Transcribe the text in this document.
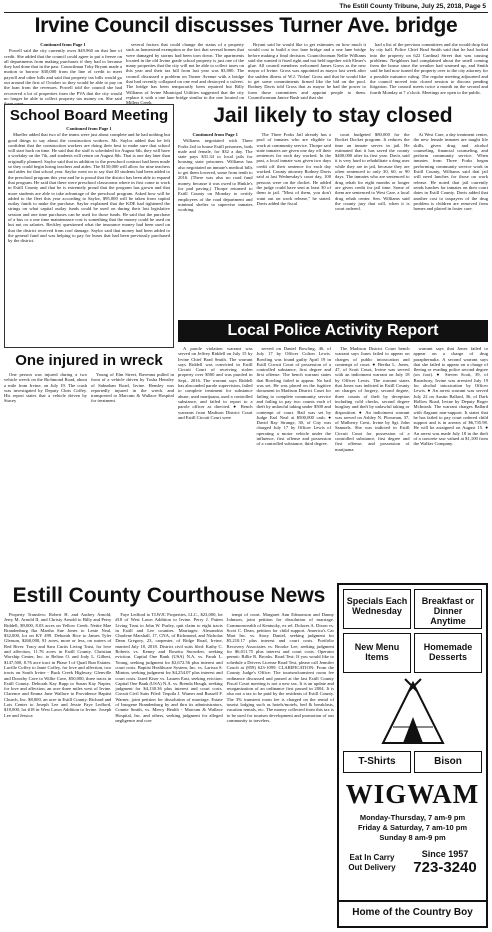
The Estill County Tribune, July 25, 2018, Page 5
Irvine Council discusses Turner Ave. bridge
Continued from Page 1

Powell said the city currently owes $49,960 on that line of credit. She added that the council could agree to put a freeze on all departments from making purchases if they had to because they had done that in the past. Councilman Toby Bryant made a motion to borrow $30,000 from the line of credit to meet payroll and other bills and said that property tax bills would go out around the first of October so they would be able to pay on the loan from the revenues. Powell told the council she had recovered a lot of properties from the PVA that the city would no longer be able to collect property tax money on. She said there were

several factors that could change the status of a property such as homestead exemption or the fact that several homes that were damaged by storms had been torn down. The apartments located in the old Irvine grade school property is just one of the many properties that the city will not be able to collect taxes on this year and their tax bill from last year was $3,000. The council discussed a problem on Turner Avenue with a bridge that had recently collapsed on one end and destroyed a culvert. The bridge has been temporarily been repaired but Billy Williams of Irvine Municipal Utilities suggested that the city replace it with a one lane bridge similar to the one located on Millers Creek.

Bryant said he would like to get estimates on how much it would cost to build a two lane bridge and a one lane bridge before making a final decision. Councilwoman Nellie Williams said she wanted it fixed right and not held together with Elmer's glue. All council members welcomed James Gross as the new mayor of Irvine. Gross was appointed as mayor last week after the sudden illness of W.J. 'Nolan' Gross and that he would like to get some commitments firmed like the bid on the pool. Rodney Davis told Gross that as mayor he had the power to form those committees and appoint people to them. Councilwoman Janice Bush said that she

had a list of the previous committees and she would drop that by city hall. Police Chief Brad Smith said that he had looked into the property on 622 Cardinal Street that was causing problems. Neighbors had complained about the smell coming from the house since the weather had warmed up, and Smith said he had now turned the property over to the city attorney for a possible nuisance ruling. The regular meeting adjourned and the council moved into closed session to discuss pending litigation. The council meets twice a month on the second and fourth Monday at 7 o'clock. Meetings are open to the public.

School Board Meeting
Continued from Page 1

Mueller added that two of the teams were just about complete and he had nothing but good things to say about the construction workers. Mr. Saylor added that he felt confident that the construction workers are doing their best to make sure that school will start back on time. He said that the staff is scheduled for August 6th, they will have a workday on the 7th, and students will return on August 8th. That is one day later than originally planned. Saylor said that in addition to the preschool contract had been made so they could begin hiring teachers and aides. The $150,000 will allow for nine teachers and aides for that school year. Saylor went on to say that 40 students had been added to the preschool program this year and he is proud that the district has been able to expand that program. He said that there were preschool classrooms where in first come to work in Estill County and that he is extremely proud that the program has grown and that more students are able to take advantage of the preschool program. Asked how will be added to the fleet this year according to Saylor, $95,000 will be taken from capital outlay funds to make the purchase. Saylor explained that the KDE had tightened the strings on what capital outlay funds could be used on during their last legislative session and one time purchases can be used for those funds. He said that the purchase of a bus or a one time maintenance cost is something that the money could be used on but not on salaries. Beckley questioned what the insurance money had been used on that the district received from roof damage. Saylor said that money had been added to the general fund and was helping to pay for buses that had been previously purchased by the district.

One injured in wreck

One person was injured during a two vehicle wreck on the Richmond Road, about a mile from Irvine, on July 19. The crash was investigated by Deputy Chris Coffey. His report states that a vehicle driven by Stacey

Young of Elm Street, Ravenna pulled in front of a vehicle driven by Tosha Hensley of Suburban Road, Irvine. Hensley was reportedly injured in the wreck and transported to Marcum & Wallace Hospital for treatment.

Jail likely to stay closed
Continued from Page 1

Williams negotiated with Three Forks Jail to house Estill prisoners, both male and female, for $32 a day. The state pays $31.34 to local jails for housing state prisoners. Williams has also negotiated on inmate's medical bills to get them lowered, some from tenth to 2016. (There was also no road fund money, because it was owed to Hinkle's for pad paving.) Thorpe returned to Estill County on Monday to certify employees of the road department and minimal shelter to supervise inmates working.

The Three Forks Jail already has a pool of inmates who are eligible to work at community service. Thorpe said state inmates are given one day off their sentences for each day worked. In the past, a local inmate was given two days credit off their sentence for each day worked. County attorney Rodney Davis said at last Wednesday's court day, 100 persons were on the docket. He added the judge could have sent at least 30 of them to jail. "Most of them, you don't want out on work release," he stated. Davis added the fiscal

court budgeted $80,000 for the Rocket Docket program. It reduces the time an inmate serves in jail. He estimated that it has saved the county $400,000 after its first year. Davis said it is very hard to rehabilitate a drug user while they are in jail, because they are often sentenced to only 30, 60, or 90 days. The inmates who are sentenced to drug rehab for eight months or longer are given credit for jail time. Some of them are sentenced to West Care, a local drug rehab center. Sen. Williams said the county jury that will, when it is court ordered.

At West Care, a day treatment center, the new female inmates are taught life skills, given drug and alcohol counseling, financial counseling, and perform community service. When inmates from Three Forks began performing community service work in Estill County, Williams said that jail will need lunches for those on work release. He noted that jail currently sends lunches for inmates on their court dates in Estill County. Davis added that another cost to taxpayers of the drug problem is children are removed from homes and placed in foster care.

Local Police Activity Report

A parole violation warrant was served on Jeffrey Riddell on July 15 by Irvine Chief Brad Smith. The warrant says Riddell was convicted in Estill Circuit Court of receiving stolen property over $500 and was paroled in Sept., 2016. The warrant says Riddell has absconded parole supervision, failed to complete treatment for substance abuse, used marijuana, used a controlled substance, and failed to report to a parole officer as directed. ● Bench warrants from Madison District Court and Estill Circuit Court were

served on Daniel Bowling, 46, of July 17 by Officer Colton Lewis. Bowling was found guilty April 19 in Estill Circuit Court of possession of a controlled substance, first degree and first offense. The bench warrant states that Bowling failed to appear. No bail was set. He was placed on the fugitive document in Madison District Court for failing to complete community service and failing to pay two counts each of theft by unlawful taking under $500 and contempt of court. Bail was set by Judge Earl Neal at $500,000 cash. ● David Ray Strange, 30, of City was charged July 17 by Officer Lewis of operating a motor vehicle under the influence, first offense and possession of a controlled substance, third degree.

The Madison District Court bench warrant says Jones failed to appear on charges of public intoxication and contempt of court. ● Bertha L. Jones, 47, of Scott Court, Irvine was served with an indictment warrant on July 18 by Officer Lewis. The warrant states that Jones was indicted in Estill County on charges of forgery, second degree, three counts of theft by deception including cold checks, second degree burglary and theft by unlawful taking or disposition. ● An indictment warrant was served on Ashley N. Plowman, 37, of Mulberry Crest, Irvine by Sgt. John Samuels. She was indicted in Estill Circuit Court for possession of a controlled substance, first degree and first offense, and possession of marijuana.

warrant says that Jones failed to appear on a charge of drug paraphernalia. A second warrant says that she failed to appear on a charge of fleeing or evading police second degree (on foot). ● Steven Scott, 39, of Broadway, Irvine was arrested July 19 for alcohol intoxication by Officer Lewis. ● An arrest warrant was served July 22 on Austin Ballard, 36, of Dark Hollow Road, Irvine by Deputy Roger McIntosh. The warrant charges Ballard with flagrant non-support. It states that he has failed to pay court ordered child support and is in arrears of $6,735.98. He will be arraigned on August 15. ● An arrest was made July 18 in the theft of a concrete saw valued at $1,100 from the Walker Company.

Estill County Courthouse News

Property Transfers: Robert H. and Audrey Arnold, Jerry M. Arnold II, and Christy Arnold to Billy and Perry Riddell, $9,000, 8.03 acres on Yellow Creek. Nettie Mae Brandenburg fka Martha Sue Jones to Lenie Neal, $32,000, lot on KY 499. Deborah Rice to James Tyler Gleason, $260,000, 81 acres, more or less, on waters of Red River. Tracy and Sara Curtis Living Trust, for love and affection, 11.76 acres in Estill County. Christian Worship Center, Inc. to Belton O. and Jody L. Gilbert, $147,500, 8.76 acre tract in Phase I of Quail Run Estates. Lucille Coffey to Janie Coffey, for love and affection, two tracts on South Irvine - Buck Creek Highway. Glenville and Dorothy Cave to Willie Cave, $50,000, three tracts in Estill County. Deborah Kay Rupp to Susan Kay Napier, for love and affection, an acre three miles west of Irvine. Clarence and Emma June Wallace to Providence Baptist Church, Inc. $8,000, an acre in Estill County. Richard and Lois Center to Joseph Lee and Jessie Faye Ledford, $18,000, lot #18 in West Lawn Addition to Irvine. Joseph Lee and Jessica

Faye Ledford to TLWJC Properties, LLC., $23,000, lot #18 of West Lawn Addition to Irvine. Perry J. Patten Living Trust to John W. Purley, quit claim to eight tracts in Estill and Lee counties. Marriages: Alexandria Charlene Marshall, 17, CNA, of Richmond, and Nicholas Dean Gregory, 23, carpenter, of Ridge Road, Irvine, married July 18, 2018. District civil suits filed: Kathy C. Roberts vs. Kenny and Rosetta Snowden, seeking eviction. Capital One Bank (USA) N.A. vs. Farah L. Young, seeking judgment for $2,672.56 plus interest and court costs. Baptist Healthcare System, Inc. vs. Larissa S. Minton, seeking judgment for $4,254.07 plus interest and court costs. Jared Kiser vs. Lauren East, seeking eviction. Capital One Bank (USA) N.A. vs. Brenda Hough, seeking judgment for $4,130.36 plus interest and court costs. Circuit Civil Suits Filed: Tequila J. Warner and Russell F. Warner, joint petition for dissolution of marriage. Estate of Imogene Brandenburg by and thru its administrators, Connie Smith, vs. Mercy Health - Marcum & Wallace Hospital, Inc. and others, seeking judgment for alleged negligence and con-

tempt of court. Margaret Ann Edmonson and Danny Johnson, joint petition for dissolution of marriage. Commonwealth of Kentucky, ex rel. Dolores A. Dixon vs. Scott C. Dean, petition for child support. America's Car Mart Inc. vs. Stacy Daniel, seeking judgment for $5,210.17 plus interest and court costs. Portfolio Recovery Associates vs. Brooke Lee, seeking judgment for $6,011.75 plus interest and court costs. Operator permit: Billie R. Brooks. Road Test: If you would like to schedule a Drivers License Road Test, please call Jennifer Couch at (859) 623-1099. CLARIFICATION: From the County Judge's Office: The tourism/transient room fee ordinance discussed and passed at the last Estill County Fiscal Court meeting is not a new tax. It is an update and reorganization of an ordinance first passed in 2004. It is also not a tax to be paid by the residents of Estill County. The 3% transient room fee is charged on the rental of tourist lodging such as hotels/motels, bed & breakfasts, vacation rentals, etc. The money collected from this tax is to be used for tourism development and promotion of our community to travelers.

Specials Each Wednesday
Breakfast or Dinner Anytime
New Menu Items
Homemade Desserts
T-Shirts	Bison
WIGWAM
Monday-Thursday, 7 am-9 pm
Friday & Saturday, 7 am-10 pm
Sunday 8 am-9 pm
Eat In Carry Out Delivery
Since 1957
723-3240
Home of the Country Boy
